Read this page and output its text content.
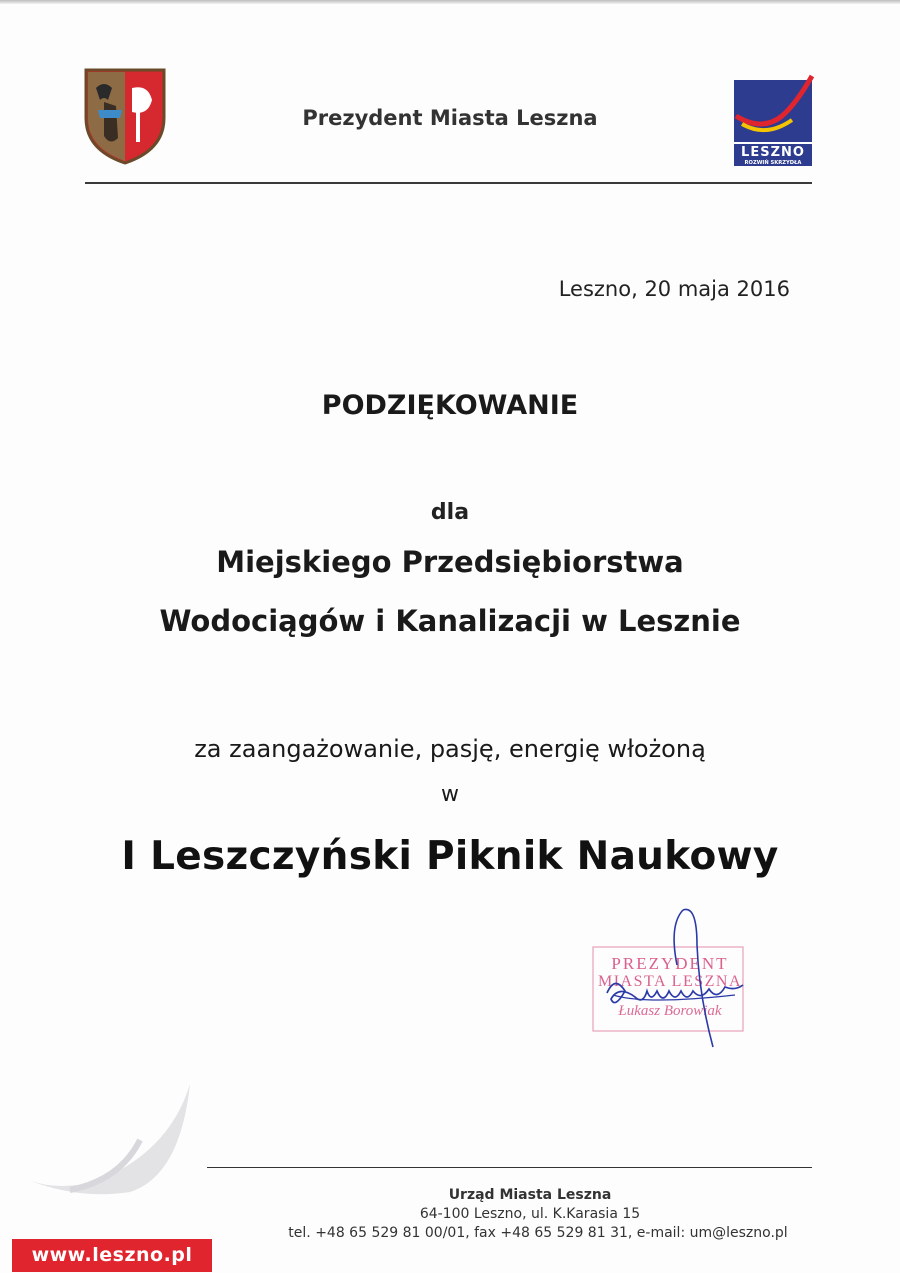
Prezydent Miasta Leszna
LESZNO
ROZWIŃ SKRZYDŁA
Leszno, 20 maja 2016
PODZIĘKOWANIE
dla
Miejskiego Przedsiębiorstwa
Wodociągów i Kanalizacji w Lesznie
za zaangażowanie, pasję, energię włożoną
w
I Leszczyński Piknik Naukowy
PREZYDENT
MIASTA LESZNA
Łukasz Borowiak
Urząd Miasta Leszna
64-100 Leszno, ul. K.Karasia 15
tel. +48 65 529 81 00/01, fax +48 65 529 81 31, e-mail: um@leszno.pl
www.leszno.pl
